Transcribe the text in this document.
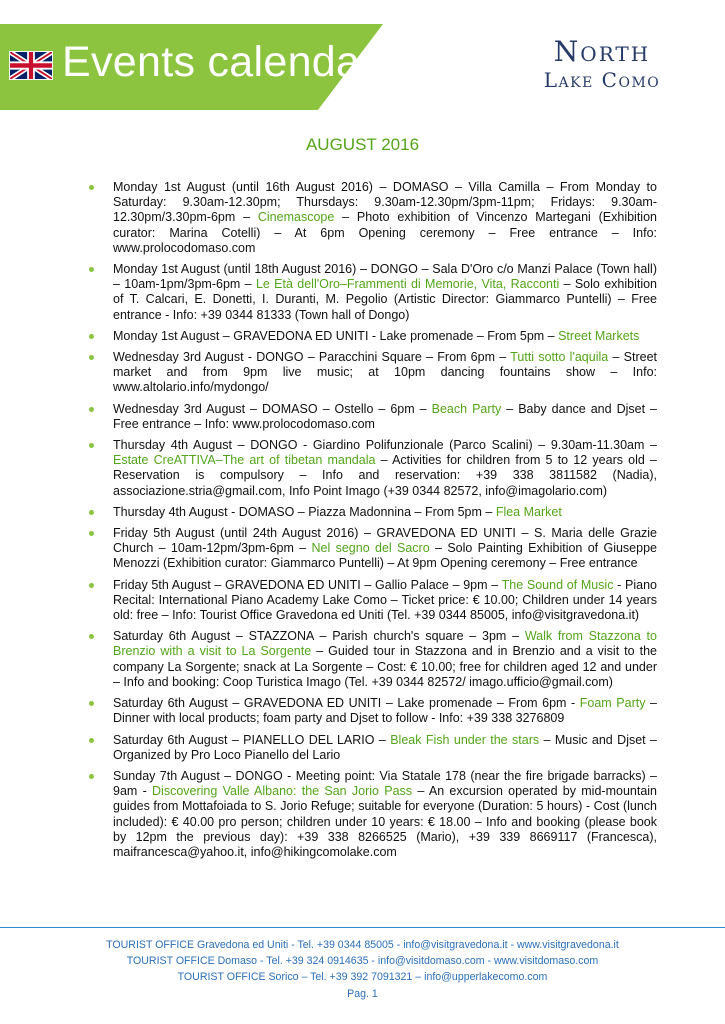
Events calendar	North
Lake Como
AUGUST 2016
Monday 1st August (until 16th August 2016) – DOMASO – Villa Camilla – From Monday to Saturday: 9.30am-12.30pm; Thursdays: 9.30am-12.30pm/3pm-11pm; Fridays: 9.30am-12.30pm/3.30pm-6pm – Cinemascope – Photo exhibition of Vincenzo Martegani (Exhibition curator: Marina Cotelli) – At 6pm Opening ceremony – Free entrance – Info: www.prolocodomaso.com
Monday 1st August (until 18th August 2016) – DONGO – Sala D'Oro c/o Manzi Palace (Town hall) – 10am-1pm/3pm-6pm – Le Età dell'Oro–Frammenti di Memorie, Vita, Racconti – Solo exhibition of T. Calcari, E. Donetti, I. Duranti, M. Pegolio (Artistic Director: Giammarco Puntelli) – Free entrance - Info: +39 0344 81333 (Town hall of Dongo)
Monday 1st August – GRAVEDONA ED UNITI - Lake promenade – From 5pm – Street Markets
Wednesday 3rd August - DONGO – Paracchini Square – From 6pm – Tutti sotto l'aquila – Street market and from 9pm live music; at 10pm dancing fountains show – Info: www.altolario.info/mydongo/
Wednesday 3rd August – DOMASO – Ostello – 6pm – Beach Party – Baby dance and Djset – Free entrance – Info: www.prolocodomaso.com
Thursday 4th August – DONGO - Giardino Polifunzionale (Parco Scalini) – 9.30am-11.30am – Estate CreATTIVA–The art of tibetan mandala – Activities for children from 5 to 12 years old – Reservation is compulsory – Info and reservation: +39 338 3811582 (Nadia), associazione.stria@gmail.com, Info Point Imago (+39 0344 82572, info@imagolario.com)
Thursday 4th August - DOMASO – Piazza Madonnina – From 5pm – Flea Market
Friday 5th August (until 24th August 2016) – GRAVEDONA ED UNITI – S. Maria delle Grazie Church – 10am-12pm/3pm-6pm – Nel segno del Sacro – Solo Painting Exhibition of Giuseppe Menozzi (Exhibition curator: Giammarco Puntelli) – At 9pm Opening ceremony – Free entrance
Friday 5th August – GRAVEDONA ED UNITI – Gallio Palace – 9pm – The Sound of Music - Piano Recital: International Piano Academy Lake Como – Ticket price: € 10.00; Children under 14 years old: free – Info: Tourist Office Gravedona ed Uniti (Tel. +39 0344 85005, info@visitgravedona.it)
Saturday 6th August – STAZZONA – Parish church's square – 3pm – Walk from Stazzona to Brenzio with a visit to La Sorgente – Guided tour in Stazzona and in Brenzio and a visit to the company La Sorgente; snack at La Sorgente – Cost: € 10.00; free for children aged 12 and under – Info and booking: Coop Turistica Imago (Tel. +39 0344 82572/ imago.ufficio@gmail.com)
Saturday 6th August – GRAVEDONA ED UNITI – Lake promenade – From 6pm - Foam Party – Dinner with local products; foam party and Djset to follow - Info: +39 338 3276809
Saturday 6th August – PIANELLO DEL LARIO – Bleak Fish under the stars – Music and Djset – Organized by Pro Loco Pianello del Lario
Sunday 7th August – DONGO - Meeting point: Via Statale 178 (near the fire brigade barracks) – 9am - Discovering Valle Albano: the San Jorio Pass – An excursion operated by mid-mountain guides from Mottafoiada to S. Jorio Refuge; suitable for everyone (Duration: 5 hours) - Cost (lunch included): € 40.00 pro person; children under 10 years: € 18.00 – Info and booking (please book by 12pm the previous day): +39 338 8266525 (Mario), +39 339 8669117 (Francesca), maifrancesca@yahoo.it, info@hikingcomolake.com
TOURIST OFFICE Gravedona ed Uniti - Tel. +39 0344 85005 - info@visitgravedona.it - www.visitgravedona.it
TOURIST OFFICE Domaso - Tel. +39 324 0914635 - info@visitdomaso.com - www.visitdomaso.com
TOURIST OFFICE Sorico – Tel. +39 392 7091321 – info@upperlakecomo.com
Pag. 1
